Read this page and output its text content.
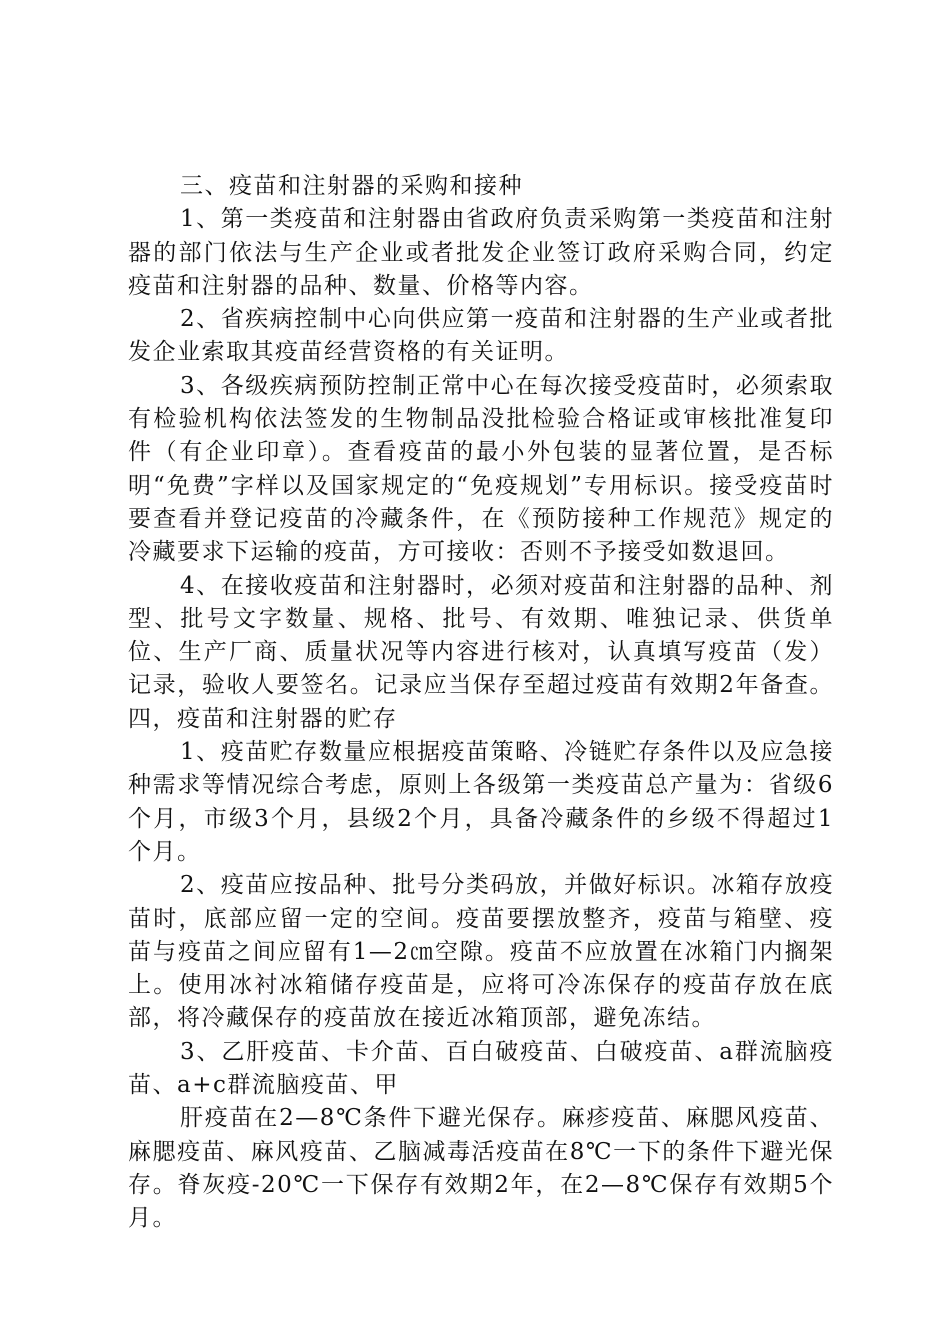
三、疫苗和注射器的采购和接种

1、第一类疫苗和注射器由省政府负责采购第一类疫苗和注射器的部门依法与生产企业或者批发企业签订政府采购合同，约定疫苗和注射器的品种、数量、价格等内容。

2、省疾病控制中心向供应第一疫苗和注射器的生产业或者批发企业索取其疫苗经营资格的有关证明。

3、各级疾病预防控制正常中心在每次接受疫苗时，必须索取有检验机构依法签发的生物制品没批检验合格证或审核批准复印件（有企业印章）。查看疫苗的最小外包装的显著位置，是否标明“免费”字样以及国家规定的“免疫规划”专用标识。接受疫苗时要查看并登记疫苗的冷藏条件，在《预防接种工作规范》规定的冷藏要求下运输的疫苗，方可接收：否则不予接受如数退回。

4、在接收疫苗和注射器时，必须对疫苗和注射器的品种、剂型、批号文字数量、规格、批号、有效期、唯独记录、供货单位、生产厂商、质量状况等内容进行核对，认真填写疫苗（发）记录，验收人要签名。记录应当保存至超过疫苗有效期2年备查。四，疫苗和注射器的贮存

1、疫苗贮存数量应根据疫苗策略、冷链贮存条件以及应急接种需求等情况综合考虑，原则上各级第一类疫苗总产量为：省级6个月，市级3个月，县级2个月，具备冷藏条件的乡级不得超过1个月。

2、疫苗应按品种、批号分类码放，并做好标识。冰箱存放疫苗时，底部应留一定的空间。疫苗要摆放整齐，疫苗与箱壁、疫苗与疫苗之间应留有1—2㎝空隙。疫苗不应放置在冰箱门内搁架上。使用冰衬冰箱储存疫苗是，应将可冷冻保存的疫苗存放在底部，将冷藏保存的疫苗放在接近冰箱顶部，避免冻结。

3、乙肝疫苗、卡介苗、百白破疫苗、白破疫苗、a群流脑疫苗、a+c群流脑疫苗、甲

肝疫苗在2—8℃条件下避光保存。麻疹疫苗、麻腮风疫苗、麻腮疫苗、麻风疫苗、乙脑减毒活疫苗在8℃一下的条件下避光保存。脊灰疫-20℃一下保存有效期2年，在2—8℃保存有效期5个月。
